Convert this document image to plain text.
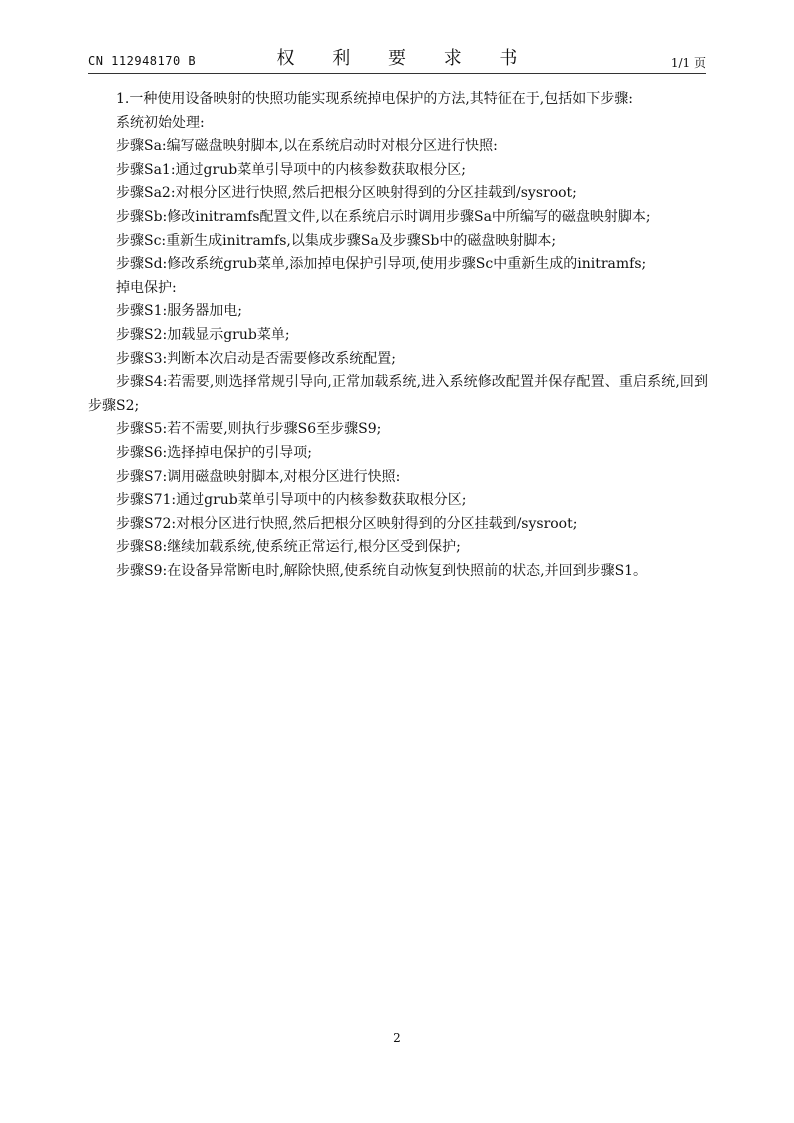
CN 112948170 B	权 利 要 求 书	1/1 页

1.一种使用设备映射的快照功能实现系统掉电保护的方法,其特征在于,包括如下步骤:

系统初始处理:

步骤Sa:编写磁盘映射脚本,以在系统启动时对根分区进行快照:

步骤Sa1:通过grub菜单引导项中的内核参数获取根分区;

步骤Sa2:对根分区进行快照,然后把根分区映射得到的分区挂载到/sysroot;

步骤Sb:修改initramfs配置文件,以在系统启示时调用步骤Sa中所编写的磁盘映射脚本;

步骤Sc:重新生成initramfs,以集成步骤Sa及步骤Sb中的磁盘映射脚本;

步骤Sd:修改系统grub菜单,添加掉电保护引导项,使用步骤Sc中重新生成的initramfs;

掉电保护:

步骤S1:服务器加电;

步骤S2:加载显示grub菜单;

步骤S3:判断本次启动是否需要修改系统配置;

步骤S4:若需要,则选择常规引导向,正常加载系统,进入系统修改配置并保存配置、重启系统,回到步骤S2;

步骤S5:若不需要,则执行步骤S6至步骤S9;

步骤S6:选择掉电保护的引导项;

步骤S7:调用磁盘映射脚本,对根分区进行快照:

步骤S71:通过grub菜单引导项中的内核参数获取根分区;

步骤S72:对根分区进行快照,然后把根分区映射得到的分区挂载到/sysroot;

步骤S8:继续加载系统,使系统正常运行,根分区受到保护;

步骤S9:在设备异常断电时,解除快照,使系统自动恢复到快照前的状态,并回到步骤S1。

2
